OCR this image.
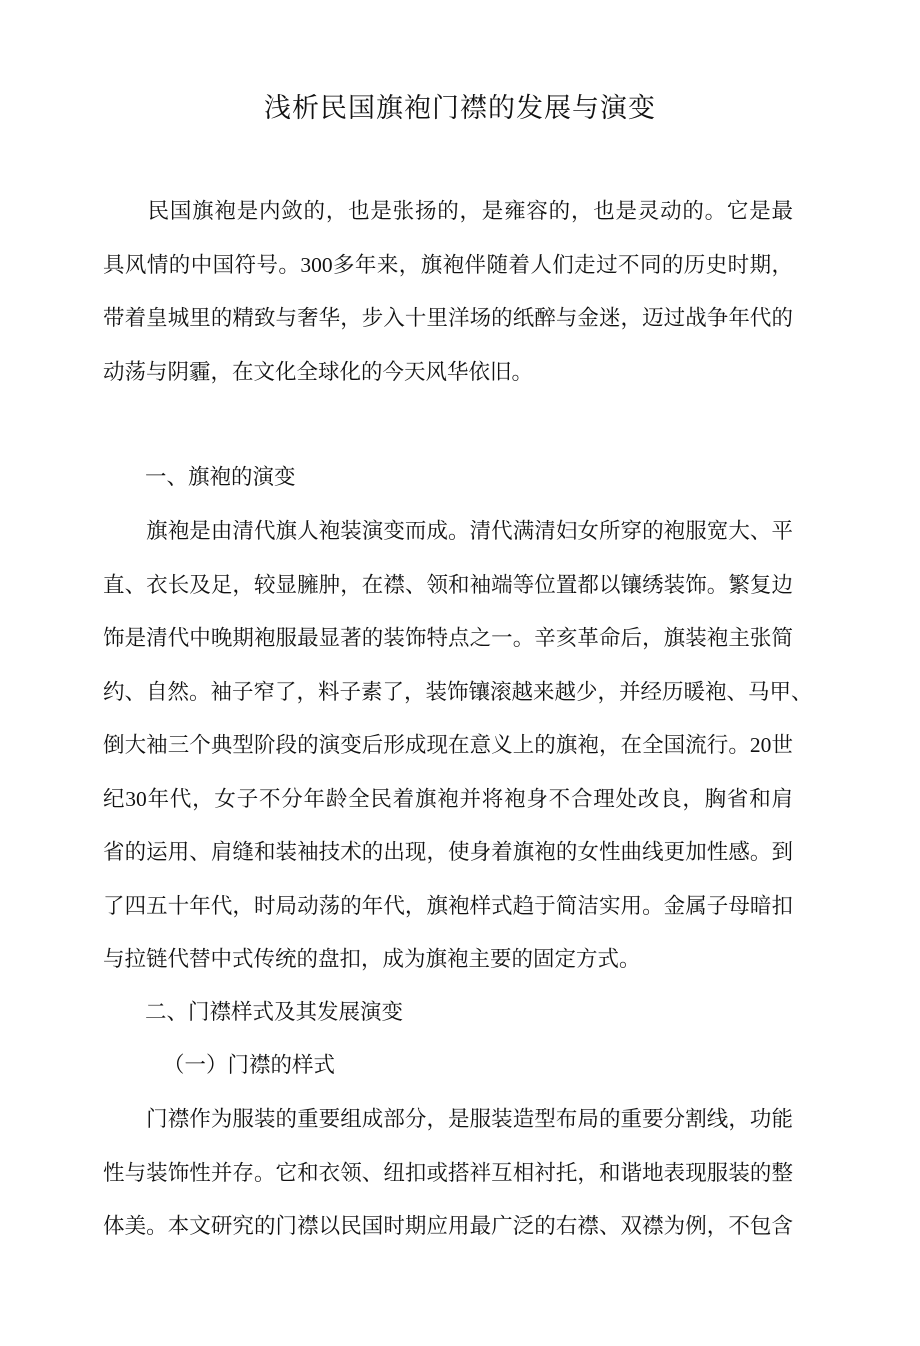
浅析民国旗袍门襟的发展与演变
　　民国旗袍是内敛的，也是张扬的，是雍容的，也是灵动的。它是最
具风情的中国符号。300多年来，旗袍伴随着人们走过不同的历史时期，
带着皇城里的精致与奢华，步入十里洋场的纸醉与金迷，迈过战争年代的
动荡与阴霾，在文化全球化的今天风华依旧。
一、旗袍的演变
　　旗袍是由清代旗人袍装演变而成。清代满清妇女所穿的袍服宽大、平
直、衣长及足，较显臃肿，在襟、领和袖端等位置都以镶绣装饰。繁复边
饰是清代中晚期袍服最显著的装饰特点之一。辛亥革命后，旗装袍主张简
约、自然。袖子窄了，料子素了，装饰镶滚越来越少，并经历暖袍、马甲、
倒大袖三个典型阶段的演变后形成现在意义上的旗袍，在全国流行。20世
纪30年代，女子不分年龄全民着旗袍并将袍身不合理处改良，胸省和肩
省的运用、肩缝和装袖技术的出现，使身着旗袍的女性曲线更加性感。到
了四五十年代，时局动荡的年代，旗袍样式趋于简洁实用。金属子母暗扣
与拉链代替中式传统的盘扣，成为旗袍主要的固定方式。
二、门襟样式及其发展演变
（一）门襟的样式
　　门襟作为服装的重要组成部分，是服装造型布局的重要分割线，功能
性与装饰性并存。它和衣领、纽扣或搭袢互相衬托，和谐地表现服装的整
体美。本文研究的门襟以民国时期应用最广泛的右襟、双襟为例，不包含
